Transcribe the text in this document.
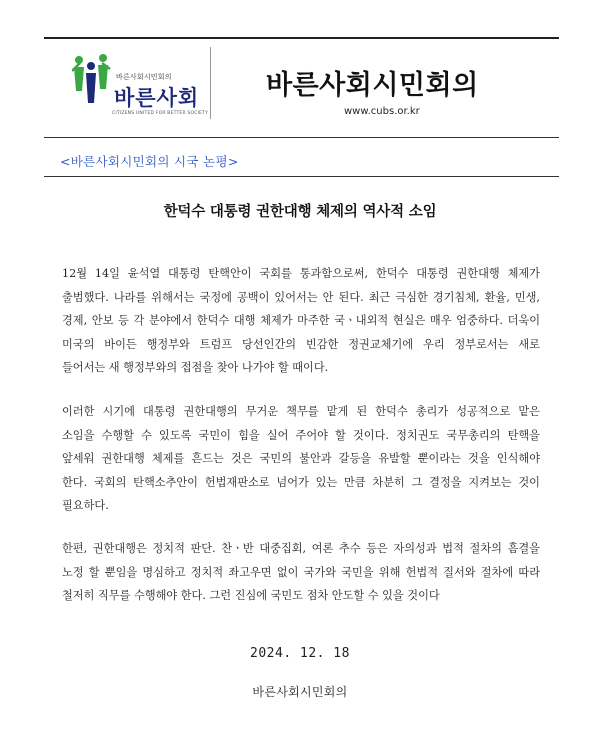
바른사회시민회의
바른사회
CITIZENS UNITED FOR BETTER SOCIETY
바른사회시민회의
www.cubs.or.kr
<바른사회시민회의 시국 논평>
한덕수 대통령 권한대행 체제의 역사적 소임
12월 14일 윤석열 대통령 탄핵안이 국회를 통과함으로써, 한덕수 대통령 권한대행 체제가
출범했다. 나라를 위해서는 국정에 공백이 있어서는 안 된다. 최근 극심한 경기침체, 환율, 민생,
경제, 안보 등 각 분야에서 한덕수 대행 체제가 마주한 국ㆍ내외적 현실은 매우 엄중하다. 더욱이
미국의 바이든 행정부와 트럼프 당선인간의 빈감한 정권교체기에 우리 정부로서는 새로
들어서는 새 행정부와의 접점을 찾아 나가야 할 때이다.
이러한 시기에 대통령 권한대행의 무거운 책무를 맡게 된 한덕수 총리가 성공적으로 맡은
소임을 수행할 수 있도록 국민이 힘을 실어 주어야 할 것이다. 정치권도 국무총리의 탄핵을
앞세워 권한대행 체제를 흔드는 것은 국민의 불안과 갈등을 유발할 뿐이라는 것을 인식해야
한다. 국회의 탄핵소추안이 헌법재판소로 넘어가 있는 만큼 차분히 그 결정을 지켜보는 것이
필요하다.
한편, 권한대행은 정치적 판단. 찬ㆍ반 대중집회, 여론 추수 등은 자의성과 법적 절차의 흠결을
노정 할 뿐임을 명심하고 정치적 좌고우면 없이 국가와 국민을 위해 헌법적 질서와 절차에 따라
철저히 직무를 수행해야 한다. 그런 진심에 국민도 점차 안도할 수 있을 것이다
2024. 12. 18
바른사회시민회의
